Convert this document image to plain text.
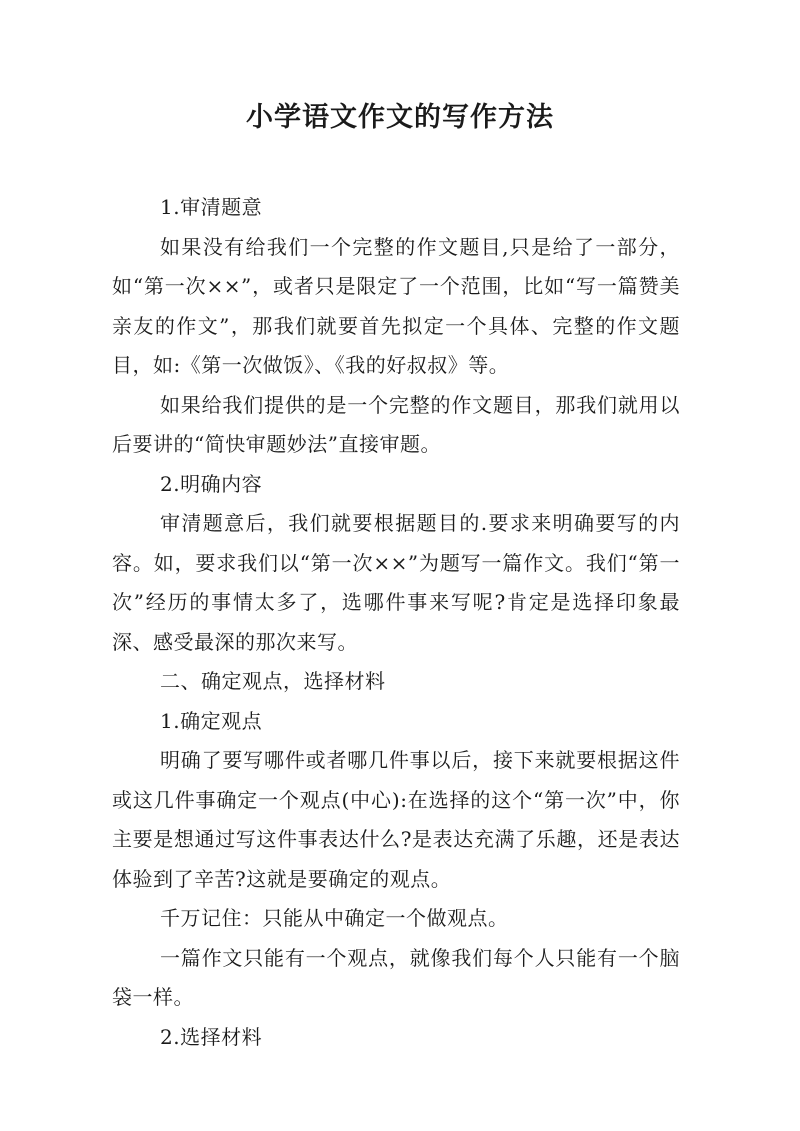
小学语文作文的写作方法

1.审清题意

如果没有给我们一个完整的作文题目,只是给了一部分，如“第一次××”，或者只是限定了一个范围，比如“写一篇赞美亲友的作文”，那我们就要首先拟定一个具体、完整的作文题目，如:《第一次做饭》、《我的好叔叔》等。

如果给我们提供的是一个完整的作文题目，那我们就用以后要讲的“简快审题妙法”直接审题。

2.明确内容

审清题意后，我们就要根据题目的.要求来明确要写的内容。如，要求我们以“第一次××”为题写一篇作文。我们“第一次”经历的事情太多了，选哪件事来写呢?肯定是选择印象最深、感受最深的那次来写。

二、确定观点，选择材料

1.确定观点

明确了要写哪件或者哪几件事以后，接下来就要根据这件或这几件事确定一个观点(中心):在选择的这个“第一次”中，你主要是想通过写这件事表达什么?是表达充满了乐趣，还是表达体验到了辛苦?这就是要确定的观点。

千万记住：只能从中确定一个做观点。

一篇作文只能有一个观点，就像我们每个人只能有一个脑袋一样。

2.选择材料
